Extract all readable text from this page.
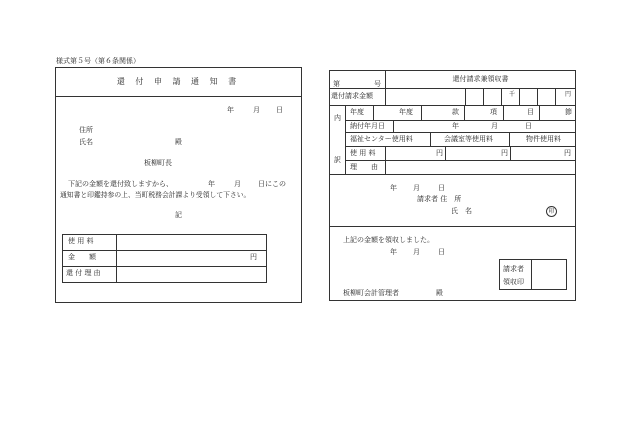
様式第５号（第６条関係）
還 付 申 請 通 知 書
年	月 日
住所
氏名	殿
板柳町長
下記の金額を還付致しますから、	年	月 日にこの
通知書と印鑑持参の上、当町税務会計課より受領して下さい。
記
使 用 料
金　　額	円
還 付 理 由
第	号
還付請求兼領収書
還付請求金額	千	円
内
訳
年度	年度	款	項	目	節
納付年月日	年	月	日
福祉センター使用料	会議室等使用料	物件使用料
使 用 料	円	円	円
理　　由
年 月	日
請求者 住　所
氏　名	印
上記の金額を領収しました。
年 月	日
請求者
領収印
板柳町会計管理者	殿
